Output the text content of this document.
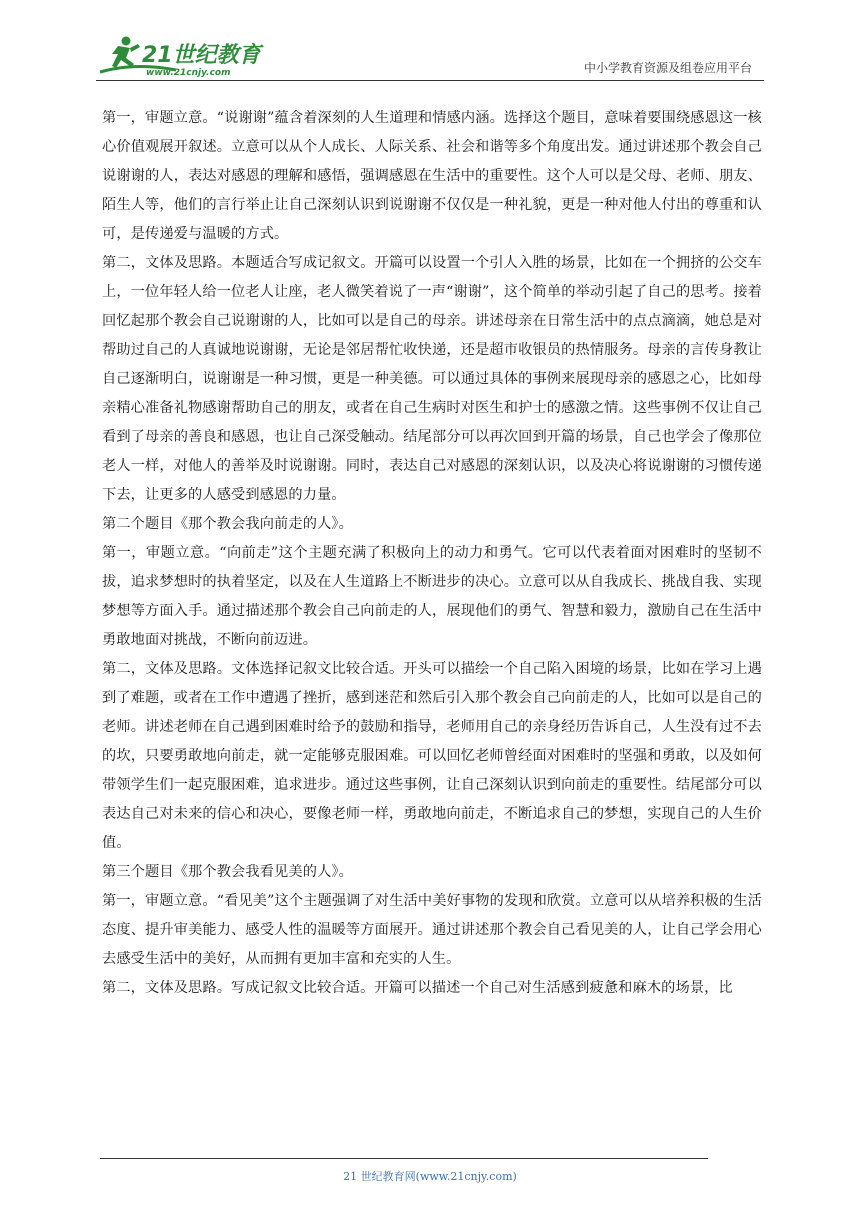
21世纪教育
www.21cnjy.com	中小学教育资源及组卷应用平台

第一，审题立意。“说谢谢”蕴含着深刻的人生道理和情感内涵。选择这个题目，意味着要围绕感恩这一核心价值观展开叙述。立意可以从个人成长、人际关系、社会和谐等多个角度出发。通过讲述那个教会自己说谢谢的人，表达对感恩的理解和感悟，强调感恩在生活中的重要性。这个人可以是父母、老师、朋友、陌生人等，他们的言行举止让自己深刻认识到说谢谢不仅仅是一种礼貌，更是一种对他人付出的尊重和认可，是传递爱与温暖的方式。

第二，文体及思路。本题适合写成记叙文。开篇可以设置一个引人入胜的场景，比如在一个拥挤的公交车上，一位年轻人给一位老人让座，老人微笑着说了一声“谢谢”，这个简单的举动引起了自己的思考。接着回忆起那个教会自己说谢谢的人，比如可以是自己的母亲。讲述母亲在日常生活中的点点滴滴，她总是对帮助过自己的人真诚地说谢谢，无论是邻居帮忙收快递，还是超市收银员的热情服务。母亲的言传身教让自己逐渐明白，说谢谢是一种习惯，更是一种美德。可以通过具体的事例来展现母亲的感恩之心，比如母亲精心准备礼物感谢帮助自己的朋友，或者在自己生病时对医生和护士的感激之情。这些事例不仅让自己看到了母亲的善良和感恩，也让自己深受触动。结尾部分可以再次回到开篇的场景，自己也学会了像那位老人一样，对他人的善举及时说谢谢。同时，表达自己对感恩的深刻认识，以及决心将说谢谢的习惯传递下去，让更多的人感受到感恩的力量。

第二个题目《那个教会我向前走的人》。

第一，审题立意。“向前走”这个主题充满了积极向上的动力和勇气。它可以代表着面对困难时的坚韧不拔，追求梦想时的执着坚定，以及在人生道路上不断进步的决心。立意可以从自我成长、挑战自我、实现梦想等方面入手。通过描述那个教会自己向前走的人，展现他们的勇气、智慧和毅力，激励自己在生活中勇敢地面对挑战，不断向前迈进。

第二，文体及思路。文体选择记叙文比较合适。开头可以描绘一个自己陷入困境的场景，比如在学习上遇到了难题，或者在工作中遭遇了挫折，感到迷茫和然后引入那个教会自己向前走的人，比如可以是自己的老师。讲述老师在自己遇到困难时给予的鼓励和指导，老师用自己的亲身经历告诉自己，人生没有过不去的坎，只要勇敢地向前走，就一定能够克服困难。可以回忆老师曾经面对困难时的坚强和勇敢，以及如何带领学生们一起克服困难，追求进步。通过这些事例，让自己深刻认识到向前走的重要性。结尾部分可以表达自己对未来的信心和决心，要像老师一样，勇敢地向前走，不断追求自己的梦想，实现自己的人生价值。

第三个题目《那个教会我看见美的人》。

第一，审题立意。“看见美”这个主题强调了对生活中美好事物的发现和欣赏。立意可以从培养积极的生活态度、提升审美能力、感受人性的温暖等方面展开。通过讲述那个教会自己看见美的人，让自己学会用心去感受生活中的美好，从而拥有更加丰富和充实的人生。

第二，文体及思路。写成记叙文比较合适。开篇可以描述一个自己对生活感到疲惫和麻木的场景，比

21 世纪教育网(www.21cnjy.com)
